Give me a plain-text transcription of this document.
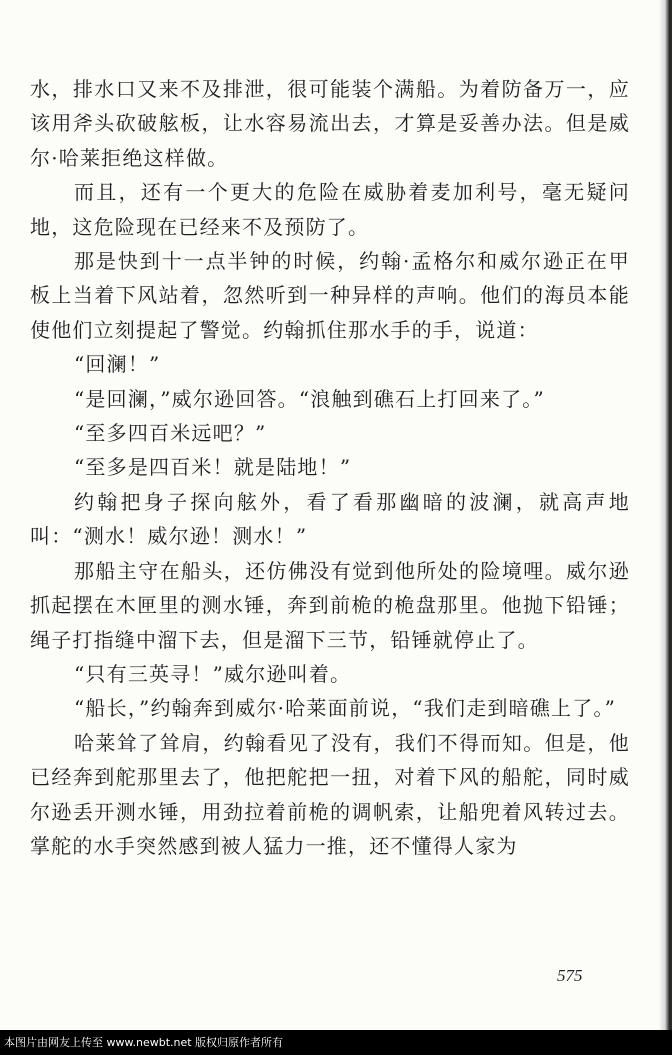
水，排水口又来不及排泄，很可能装个满船。为着防备万一，应该用斧头砍破舷板，让水容易流出去，才算是妥善办法。但是威尔·哈莱拒绝这样做。

而且，还有一个更大的危险在威胁着麦加利号，毫无疑问地，这危险现在已经来不及预防了。

那是快到十一点半钟的时候，约翰·孟格尔和威尔逊正在甲板上当着下风站着，忽然听到一种异样的声响。他们的海员本能使他们立刻提起了警觉。约翰抓住那水手的手，说道：

“回澜！”

“是回澜，”威尔逊回答。“浪触到礁石上打回来了。”

“至多四百米远吧？”

“至多是四百米！就是陆地！”

约翰把身子探向舷外，看了看那幽暗的波澜，就高声地叫：“测水！威尔逊！测水！”

那船主守在船头，还仿佛没有觉到他所处的险境哩。威尔逊抓起摆在木匣里的测水锤，奔到前桅的桅盘那里。他抛下铅锤；绳子打指缝中溜下去，但是溜下三节，铅锤就停止了。

“只有三英寻！”威尔逊叫着。

“船长，”约翰奔到威尔·哈莱面前说，“我们走到暗礁上了。”

哈莱耸了耸肩，约翰看见了没有，我们不得而知。但是，他已经奔到舵那里去了，他把舵把一扭，对着下风的船舵，同时威尔逊丢开测水锤，用劲拉着前桅的调帆索，让船兜着风转过去。掌舵的水手突然感到被人猛力一推，还不懂得人家为

575
本图片由网友上传至 www.newbt.net 版权归原作者所有
